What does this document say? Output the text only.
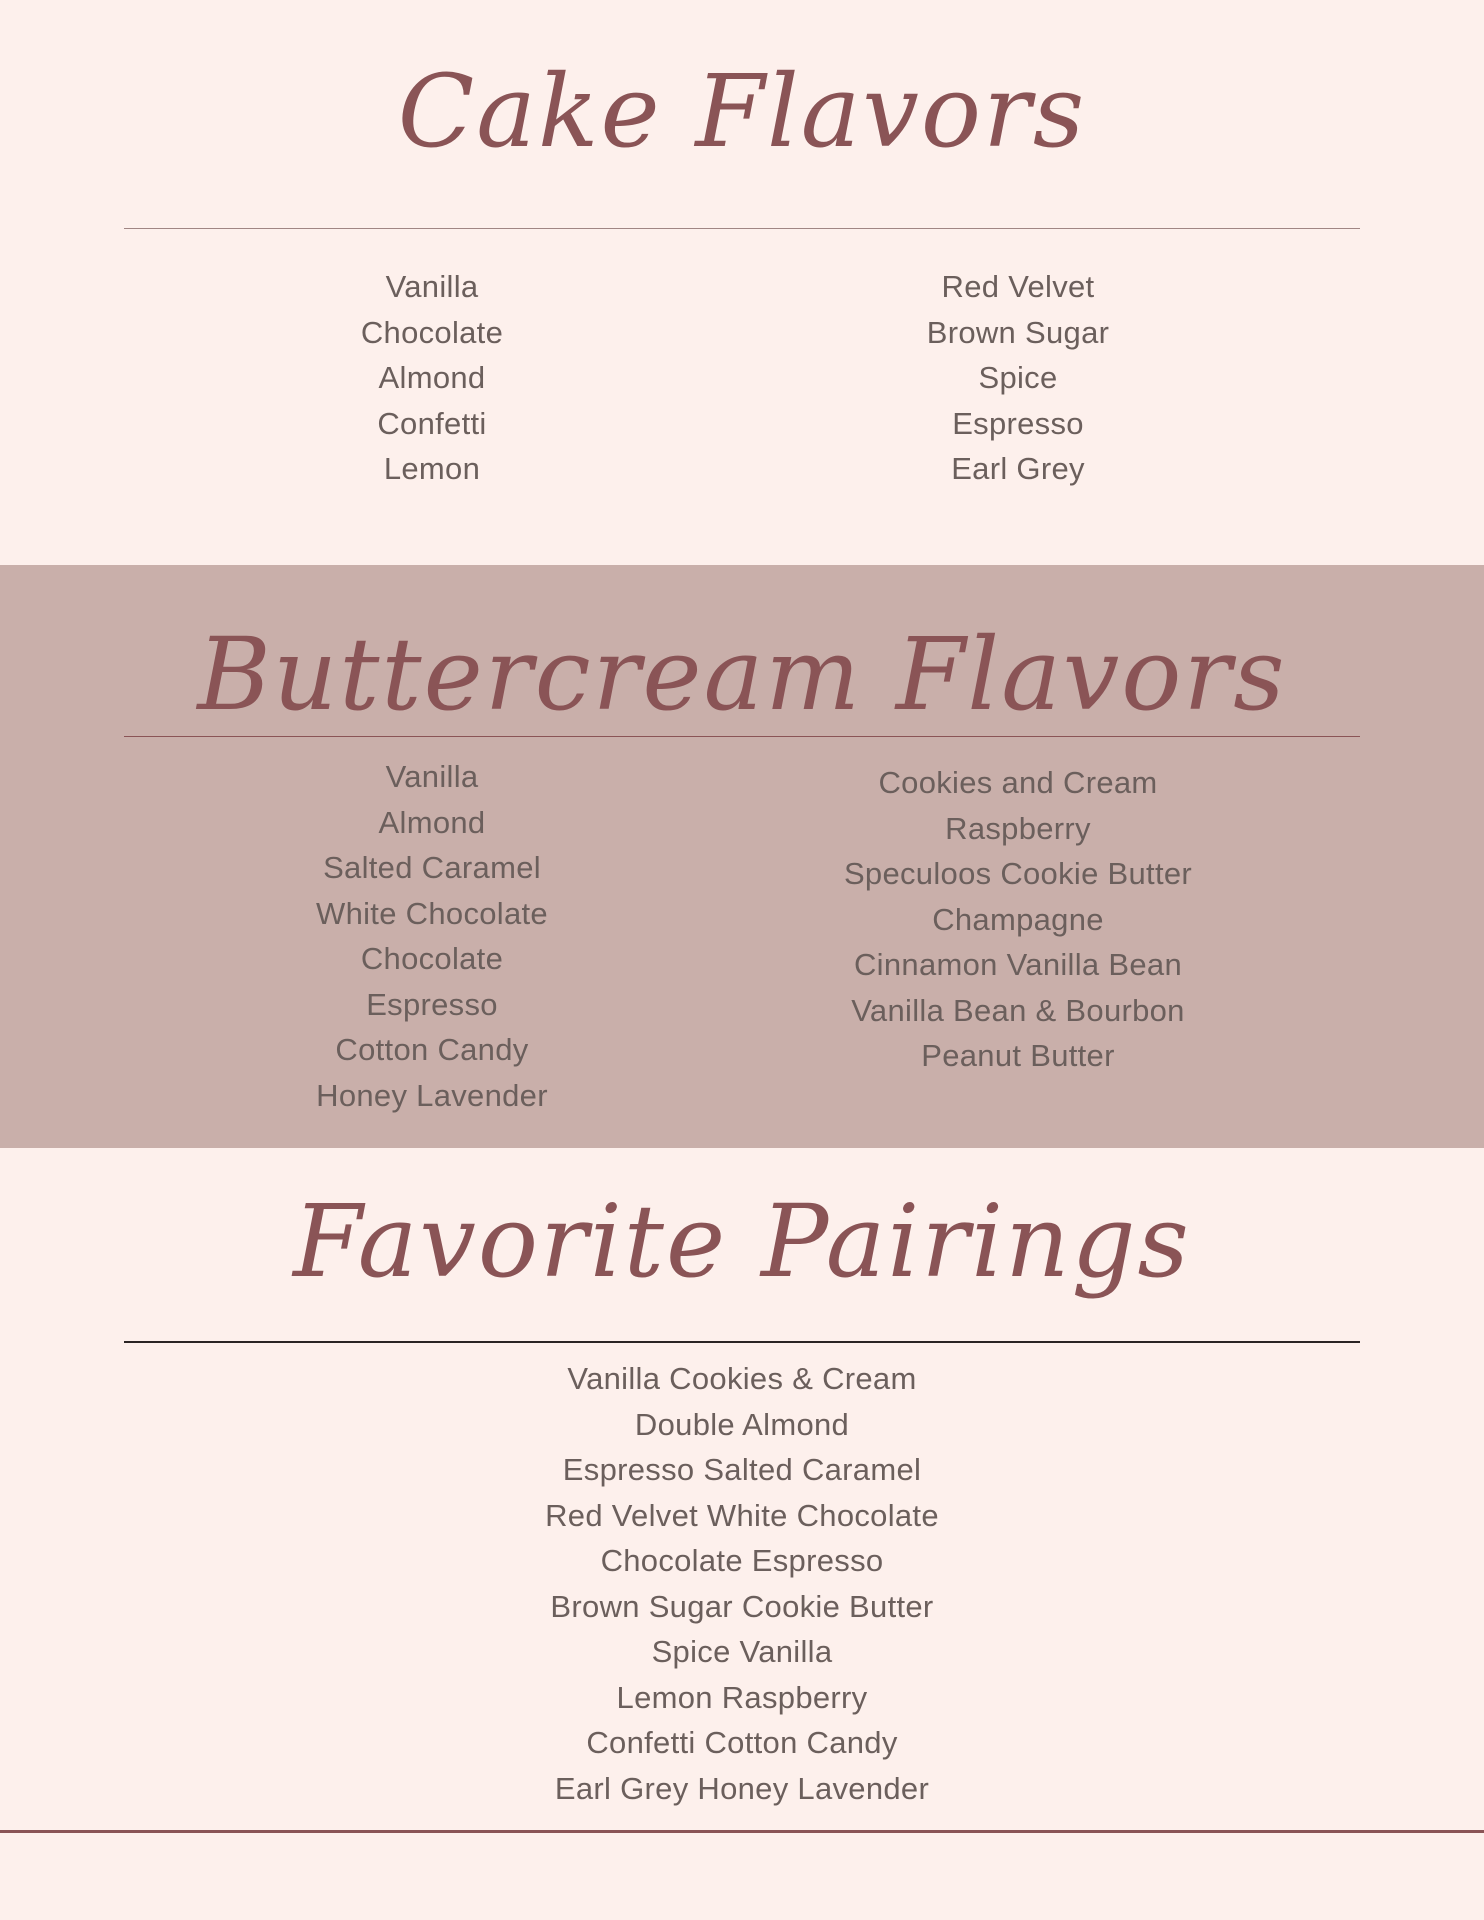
Cake Flavors
Vanilla
Chocolate
Almond
Confetti
Lemon
Red Velvet
Brown Sugar
Spice
Espresso
Earl Grey
Buttercream Flavors
Vanilla
Almond
Salted Caramel
White Chocolate
Chocolate
Espresso
Cotton Candy
Honey Lavender
Cookies and Cream
Raspberry
Speculoos Cookie Butter
Champagne
Cinnamon Vanilla Bean
Vanilla Bean & Bourbon
Peanut Butter
Favorite Pairings
Vanilla Cookies & Cream
Double Almond
Espresso Salted Caramel
Red Velvet White Chocolate
Chocolate Espresso
Brown Sugar Cookie Butter
Spice Vanilla
Lemon Raspberry
Confetti Cotton Candy
Earl Grey Honey Lavender
